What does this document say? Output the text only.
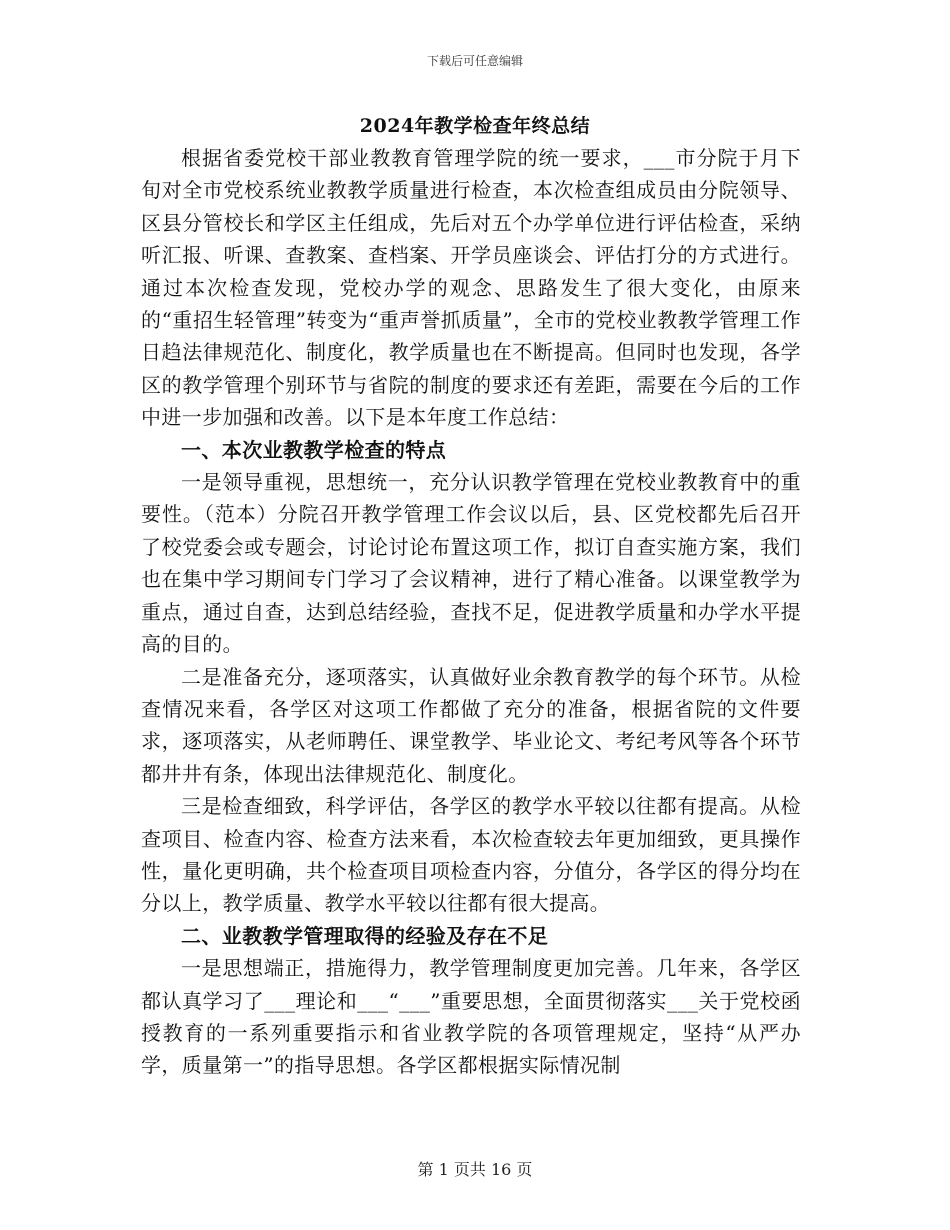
下载后可任意编辑
2024年教学检查年终总结

根据省委党校干部业教教育管理学院的统一要求，___市分院于月下旬对全市党校系统业教教学质量进行检查，本次检查组成员由分院领导、区县分管校长和学区主任组成，先后对五个办学单位进行评估检查，采纳听汇报、听课、查教案、查档案、开学员座谈会、评估打分的方式进行。通过本次检查发现，党校办学的观念、思路发生了很大变化，由原来的“重招生轻管理”转变为“重声誉抓质量”，全市的党校业教教学管理工作日趋法律规范化、制度化，教学质量也在不断提高。但同时也发现，各学区的教学管理个别环节与省院的制度的要求还有差距，需要在今后的工作中进一步加强和改善。以下是本年度工作总结：

一、本次业教教学检查的特点

一是领导重视，思想统一，充分认识教学管理在党校业教教育中的重要性。（范本）分院召开教学管理工作会议以后，县、区党校都先后召开了校党委会或专题会，讨论讨论布置这项工作，拟订自查实施方案，我们也在集中学习期间专门学习了会议精神，进行了精心准备。以课堂教学为重点，通过自查，达到总结经验，查找不足，促进教学质量和办学水平提高的目的。

二是准备充分，逐项落实，认真做好业余教育教学的每个环节。从检查情况来看，各学区对这项工作都做了充分的准备，根据省院的文件要求，逐项落实，从老师聘任、课堂教学、毕业论文、考纪考风等各个环节都井井有条，体现出法律规范化、制度化。

三是检查细致，科学评估，各学区的教学水平较以往都有提高。从检查项目、检查内容、检查方法来看，本次检查较去年更加细致，更具操作性，量化更明确，共个检查项目项检查内容，分值分，各学区的得分均在分以上，教学质量、教学水平较以往都有很大提高。

二、业教教学管理取得的经验及存在不足

一是思想端正，措施得力，教学管理制度更加完善。几年来，各学区都认真学习了___理论和___“___”重要思想，全面贯彻落实___关于党校函授教育的一系列重要指示和省业教学院的各项管理规定，坚持“从严办学，质量第一”的指导思想。各学区都根据实际情况制

第 1 页共 16 页
